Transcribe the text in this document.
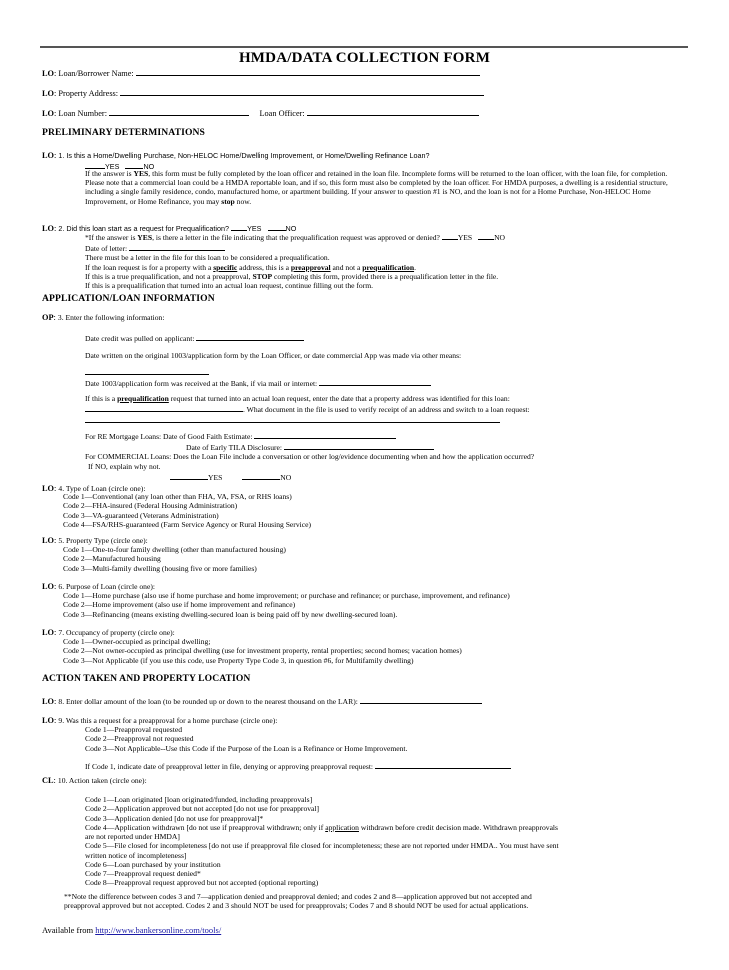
HMDA/DATA COLLECTION FORM
LO: Loan/Borrower Name:
LO: Property Address:
LO: Loan Number:	Loan Officer:
PRELIMINARY DETERMINATIONS
LO: 1. Is this a Home/Dwelling Purchase, Non-HELOC Home/Dwelling Improvement, or Home/Dwelling Refinance Loan?
YES	NO
If the answer is YES, this form must be fully completed by the loan officer and retained in the loan file. Incomplete forms will be returned to the loan officer, with the loan file, for completion. Please note that a commercial loan could be a HMDA reportable loan, and if so, this form must also be completed by the loan officer. For HMDA purposes, a dwelling is a residential structure, including a single family residence, condo, manufactured home, or apartment building. If your answer to question #1 is NO, and the loan is not for a Home Purchase, Non-HELOC Home Improvement, or Home Refinance, you may stop now.
LO: 2. Did this loan start as a request for Prequalification?	YES	NO
*If the answer is YES, is there a letter in the file indicating that the prequalification request was approved or denied? YES	NO
Date of letter:
There must be a letter in the file for this loan to be considered a prequalification.
If the loan request is for a property with a specific address, this is a preapproval and not a prequalification.
If this is a true prequalification, and not a preapproval, STOP completing this form, provided there is a prequalification letter in the file.
If this is a prequalification that turned into an actual loan request, continue filling out the form.
APPLICATION/LOAN INFORMATION
OP: 3. Enter the following information:
Date credit was pulled on applicant:
Date written on the original 1003/application form by the Loan Officer, or date commercial App was made via other means:
Date 1003/application form was received at the Bank, if via mail or internet:
If this is a prequalification request that turned into an actual loan request, enter the date that a property address was identified for this loan:
. What document in the file is used to verify receipt of an address and switch to a loan request:
For RE Mortgage Loans: Date of Good Faith Estimate:
Date of Early TILA Disclosure:
For COMMERCIAL Loans: Does the Loan File include a conversation or other log/evidence documenting when and how the application occurred?
If NO, explain why not.
YES	NO
LO: 4. Type of Loan (circle one):
Code 1—Conventional (any loan other than FHA, VA, FSA, or RHS loans)
Code 2—FHA-insured (Federal Housing Administration)
Code 3—VA-guaranteed (Veterans Administration)
Code 4—FSA/RHS-guaranteed (Farm Service Agency or Rural Housing Service)
LO: 5. Property Type (circle one):
Code 1—One-to-four family dwelling (other than manufactured housing)
Code 2—Manufactured housing
Code 3—Multi-family dwelling (housing five or more families)
LO: 6. Purpose of Loan (circle one):
Code 1—Home purchase (also use if home purchase and home improvement; or purchase and refinance; or purchase, improvement, and refinance)
Code 2—Home improvement (also use if home improvement and refinance)
Code 3—Refinancing (means existing dwelling-secured loan is being paid off by new dwelling-secured loan).
LO: 7. Occupancy of property (circle one):
Code 1—Owner-occupied as principal dwelling;
Code 2—Not owner-occupied as principal dwelling (use for investment property, rental properties; second homes; vacation homes)
Code 3—Not Applicable (if you use this code, use Property Type Code 3, in question #6, for Multifamily dwelling)
ACTION TAKEN AND PROPERTY LOCATION
LO: 8. Enter dollar amount of the loan (to be rounded up or down to the nearest thousand on the LAR):
LO: 9. Was this a request for a preapproval for a home purchase (circle one):
Code 1—Preapproval requested
Code 2—Preapproval not requested
Code 3—Not Applicable--Use this Code if the Purpose of the Loan is a Refinance or Home Improvement.
If Code 1, indicate date of preapproval letter in file, denying or approving preapproval request:
CL: 10. Action taken (circle one):
Code 1—Loan originated [loan originated/funded, including preapprovals]
Code 2—Application approved but not accepted [do not use for preapproval]
Code 3—Application denied [do not use for preapproval]*
Code 4—Application withdrawn [do not use if preapproval withdrawn; only if application withdrawn before credit decision made. Withdrawn preapprovals
are not reported under HMDA]
Code 5—File closed for incompleteness [do not use if preapproval file closed for incompleteness; these are not reported under HMDA.. You must have sent
written notice of incompleteness]
Code 6—Loan purchased by your institution
Code 7—Preapproval request denied*
Code 8—Preapproval request approved but not accepted (optional reporting)
**Note the difference between codes 3 and 7—application denied and preapproval denied; and codes 2 and 8—application approved but not accepted and
preapproval approved but not accepted. Codes 2 and 3 should NOT be used for preapprovals; Codes 7 and 8 should NOT be used for actual applications.
Available from http://www.bankersonline.com/tools/
